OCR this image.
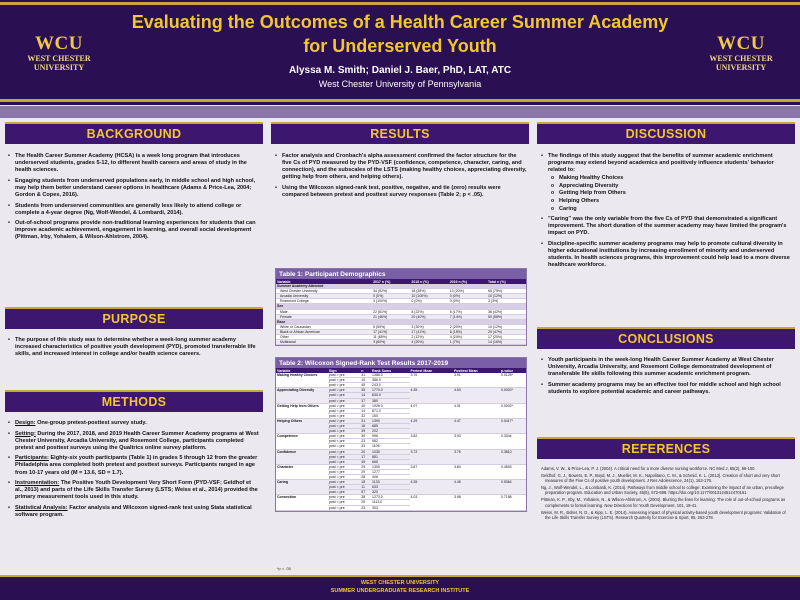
WCU
WEST CHESTER
UNIVERSITY
Evaluating the Outcomes of a Health Career Summer Academy
for Underserved Youth
Alyssa M. Smith; Daniel J. Baer, PhD, LAT, ATC
West Chester University of Pennsylvania
WCU
WEST CHESTER
UNIVERSITY
BACKGROUND
• The Health Career Summer Academy (HCSA) is a week long program that introduces underserved students, grades 5-12, to different health careers and areas of study in the health sciences.
• Engaging students from underserved populations early, in middle school and high school, may help them better understand career options in healthcare (Adams & Price-Lea, 2004; Gordon & Copes, 2016).
• Students from underserved communities are generally less likely to attend college or complete a 4-year degree (Ng, Wolf-Wendel, & Lombardi, 2014).
• Out-of-school programs provide non-traditional learning experiences for students that can improve academic achievement, engagement in learning, and overall social development (Pittman, Irby, Yohalem, & Wilson-Ahlstrom, 2004).
PURPOSE
• The purpose of this study was to determine whether a week-long summer academy increased characteristics of positive youth development (PYD), promoted transferrable life skills, and increased interest in college and/or health science careers.
METHODS
• Design: One-group pretest-posttest survey study.
• Setting: During the 2017, 2018, and 2019 Health Career Summer Academy programs at West Chester University, Arcadia University, and Rosemont College, participants completed pretest and posttest surveys using the Qualtrics online survey platform.
• Participants: Eighty-six youth participants (Table 1) in grades 5 through 12 from the greater Philadelphia area completed both pretest and posttest surveys. Participants ranged in age from 10-17 years old (M = 13.6, SD = 1.7).
• Instrumentation: The Positive Youth Development Very Short Form (PYD-VSF; Geldhof et al., 2013) and parts of the Life Skills Transfer Survey (LSTS; Weiss et al., 2014) provided the primary measurement tools used in this study.
• Statistical Analysis: Factor analysis and Wilcoxon signed-rank test using Stata statistical software program.
RESULTS
• Factor analysis and Cronbach's alpha assessment confirmed the factor structure for the five Cs of PYD measured by the PYD-VSF (confidence, competence, character, caring, and connection), and the subscales of the LSTS (making healthy choices, appreciating diversity, getting help from others, and helping others).
• Using the Wilcoxon signed-rank test, positive, negative, and tie (zero) results were compared between pretest and posttest survey responses (Table 2; p < .05).
Table 1: Participant Demographics
Variable	2017 n (%)	2018 n (%)	2019 n (%)	Total n (%)
Summer Academy Attended				
West Chester University	34 (52%)	18 (28%)	13 (20%)	65 (75%)
Arcadia University	0 (0%)	10 (100%)	0 (0%)	10 (12%)
Rosemont College	3 (100%)	0 (0%)	0 (0%)	3 (3%)
Sex				
Male	22 (61%)	8 (22%)	6 (17%)	36 (42%)
Female	21 (46%)	20 (40%)	7 (14%)	50 (58%)
Race				
White or Caucasian	5 (50%)	3 (30%)	2 (20%)	10 (12%)
Black or African American	17 (41%)	17 (41%)	6 (15%)	29 (47%)
Other	11 (65%)	2 (12%)	4 (24%)	17 (20%)
Multiracial	3 (60%)	4 (20%)	1 (7%)	14 (16%)
Table 2: Wilcoxon Signed-Rank Test Results 2017-2019
Variable	Sign	n	Rank Sums	Pretest Mean	Posttest Mean	p-value
Making Healthy Choices	post > pre	31	1386.0	3.76	3.91	0.0125*
	post < pre	10	386.0			
	post = pre	45	243.0			
Appreciating Diversity	post > pre	35	1770.0	4.35	4.53	0.0020*
	post < pre	14	630.0			
	post = pre	37	380			
Getting Help from Others	post > pre	40	1926.0	4.07	4.31	0.0002*
	post < pre	14	871.0			
	post = pre	32	150			
Helping Others	post > pre	31	1390	4.29	4.47	0.0417*
	post < pre	16	685			
	post = pre	39	202			
Competence	post > pre	30	996	3.82	3.93	0.3344
	post < pre	23	582			
	post = pre	33	1106			
Confidence	post > pre	20	1030	3.72	3.75	0.3810
	post < pre	17	881			
	post = pre	49	665			
Character	post > pre	29	1305	3.87	3.84	0.4593
	post < pre	29	1277			
	post = pre	28	406			
Caring	post > pre	18	1133	4.35	4.45	0.5364
	post < pre	11	633			
	post = pre	57	320			
Connection	post > pre	38	1273.0	4.03	3.98	0.7188
	post < pre	25	1113.0			
	post = pre	23	303			
*p < .05
DISCUSSION
• The findings of this study suggest that the benefits of summer academic enrichment programs may extend beyond academics and positively influence students' behavior related to:
o Making Healthy Choices
o Appreciating Diversity
o Getting Help from Others
o Helping Others
o Caring
• "Caring" was the only variable from the five Cs of PYD that demonstrated a significant improvement. The short duration of the summer academy may have limited the program's impact on PYD.
• Discipline-specific summer academy programs may help to promote cultural diversity in higher educational institutions by increasing enrollment of minority and underserved students. In health sciences programs, this improvement could help lead to a more diverse healthcare workforce.
CONCLUSIONS
• Youth participants in the week-long Health Career Summer Academy at West Chester University, Arcadia University, and Rosemont College demonstrated development of transferable life skills following this summer academic enrichment program.
• Summer academy programs may be an effective tool for middle school and high school students to explore potential academic and career pathways.
REFERENCES

Adams, V. W., & Price-Lea, P. J. (2004). A critical need for a more diverse nursing workforce. NC Med J, 65(2), 98-100.

Geldhof, G. J., Bowers, E. P., Boyd, M. J., Mueller, M. K., Napolitano, C. M., & Schmid, K. L. (2013). Creation of short and very short measures of the Five Cs of positive youth development. J Res Adolescence, 24(1), 163-176.

Ng, J., Wolf-Wendel, L., & Lombardi, K. (2014). Pathways from middle school to college: Examining the impact of an urban, precollege preparation program. Education and Urban Society, 46(6), 672-698. https://doi.org/10.1177/0013124512470161

Pittman, K. P., Irby, M., Yohalem, N., & Wilson-Ahlstrom, A. (2004). Blurring the lines for learning: The role of out-of-school programs as complements to formal learning. New Directions for Youth Development, 101, 19-41.

Weiss, M. R., Bolter, N. D., & Kipp, L. E. (2014). Assessing impact of physical activity-based youth development programs: Validation of the Life Skills Transfer Survey (LSTS). Research Quarterly for Exercise & Sport, 85, 263-278.

WEST CHESTER UNIVERSITY
SUMMER UNDERGRADUATE RESEARCH INSTITUTE
